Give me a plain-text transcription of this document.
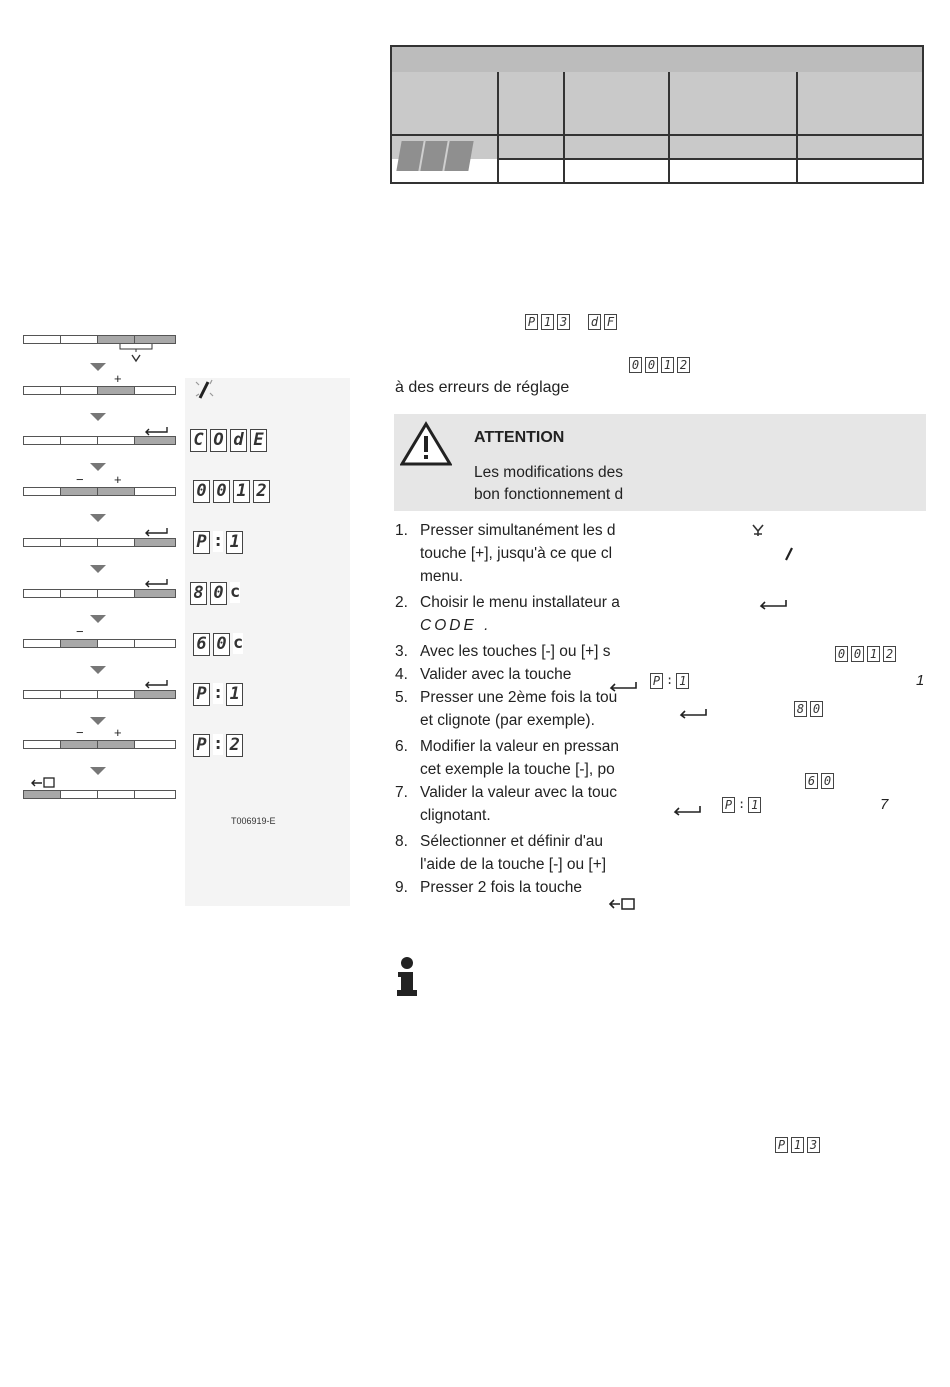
P 1 3 d F
0 0 1 2
à des erreurs de réglage
ATTENTION
Les modifications des
bon fonctionnement d
1. Presser simultanément les d
touche [+], jusqu'à ce que cl
menu.
2. Choisir le menu installateur a
CODE .
3. Avec les touches [-] ou [+] s
4. Valider avec la touche
5. Presser une 2ème fois la tou
et clignote (par exemple).
6. Modifier la valeur en pressan
cet exemple la touche [-], po
7. Valider la valeur avec la touc
clignotant.
8. Sélectionner et définir d'au
l'aide de la touche [-] ou [+]
9. Presser 2 fois la touche
0 0 1 2
P : 1	1
8 0
6 0
P : 1	7
P 1 3
+
C O d E
− +
0 0 1 2
P : 1
8 0 c
−
6 0 c
P : 1
− +
P : 2
T006919-E
